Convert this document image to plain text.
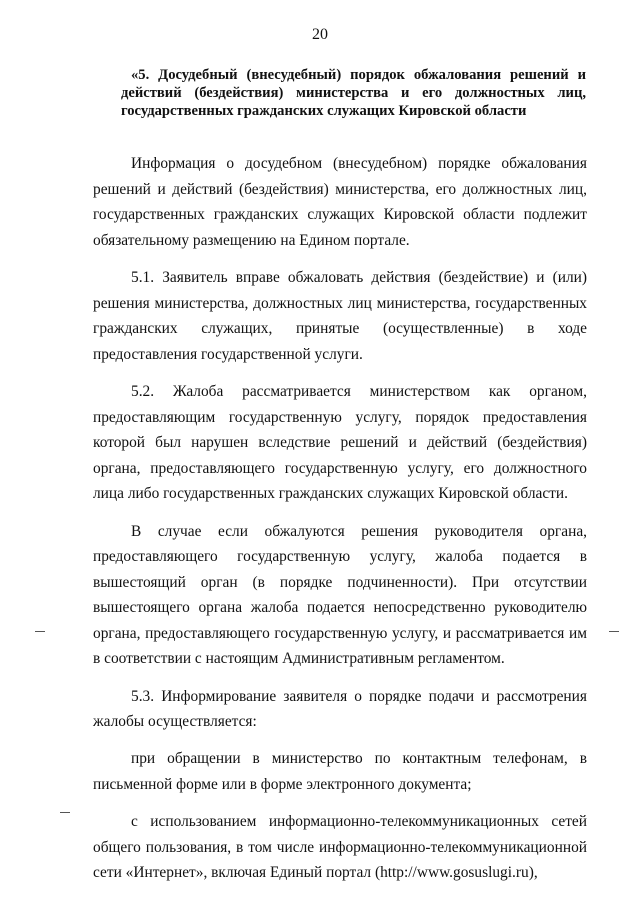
20
«5. Досудебный (внесудебный) порядок обжалования решений и действий (бездействия) министерства и его должностных лиц, государственных гражданских служащих Кировской области

Информация о досудебном (внесудебном) порядке обжалования решений и действий (бездействия) министерства, его должностных лиц, государственных гражданских служащих Кировской области подлежит обязательному размещению на Едином портале.

5.1. Заявитель вправе обжаловать действия (бездействие) и (или) решения министерства, должностных лиц министерства, государственных гражданских служащих, принятые (осуществленные) в ходе предоставления государственной услуги.

5.2. Жалоба рассматривается министерством как органом, предоставляющим государственную услугу, порядок предоставления которой был нарушен вследствие решений и действий (бездействия) органа, предоставляющего государственную услугу, его должностного лица либо государственных гражданских служащих Кировской области.

В случае если обжалуются решения руководителя органа, предоставляющего государственную услугу, жалоба подается в вышестоящий орган (в порядке подчиненности). При отсутствии вышестоящего органа жалоба подается непосредственно руководителю органа, предоставляющего государственную услугу, и рассматривается им в соответствии с настоящим Административным регламентом.

5.3. Информирование заявителя о порядке подачи и рассмотрения жалобы осуществляется:

при обращении в министерство по контактным телефонам, в письменной форме или в форме электронного документа;

с использованием информационно-телекоммуникационных сетей общего пользования, в том числе информационно-телекоммуникационной сети «Интернет», включая Единый портал (http://www.gosuslugi.ru),
